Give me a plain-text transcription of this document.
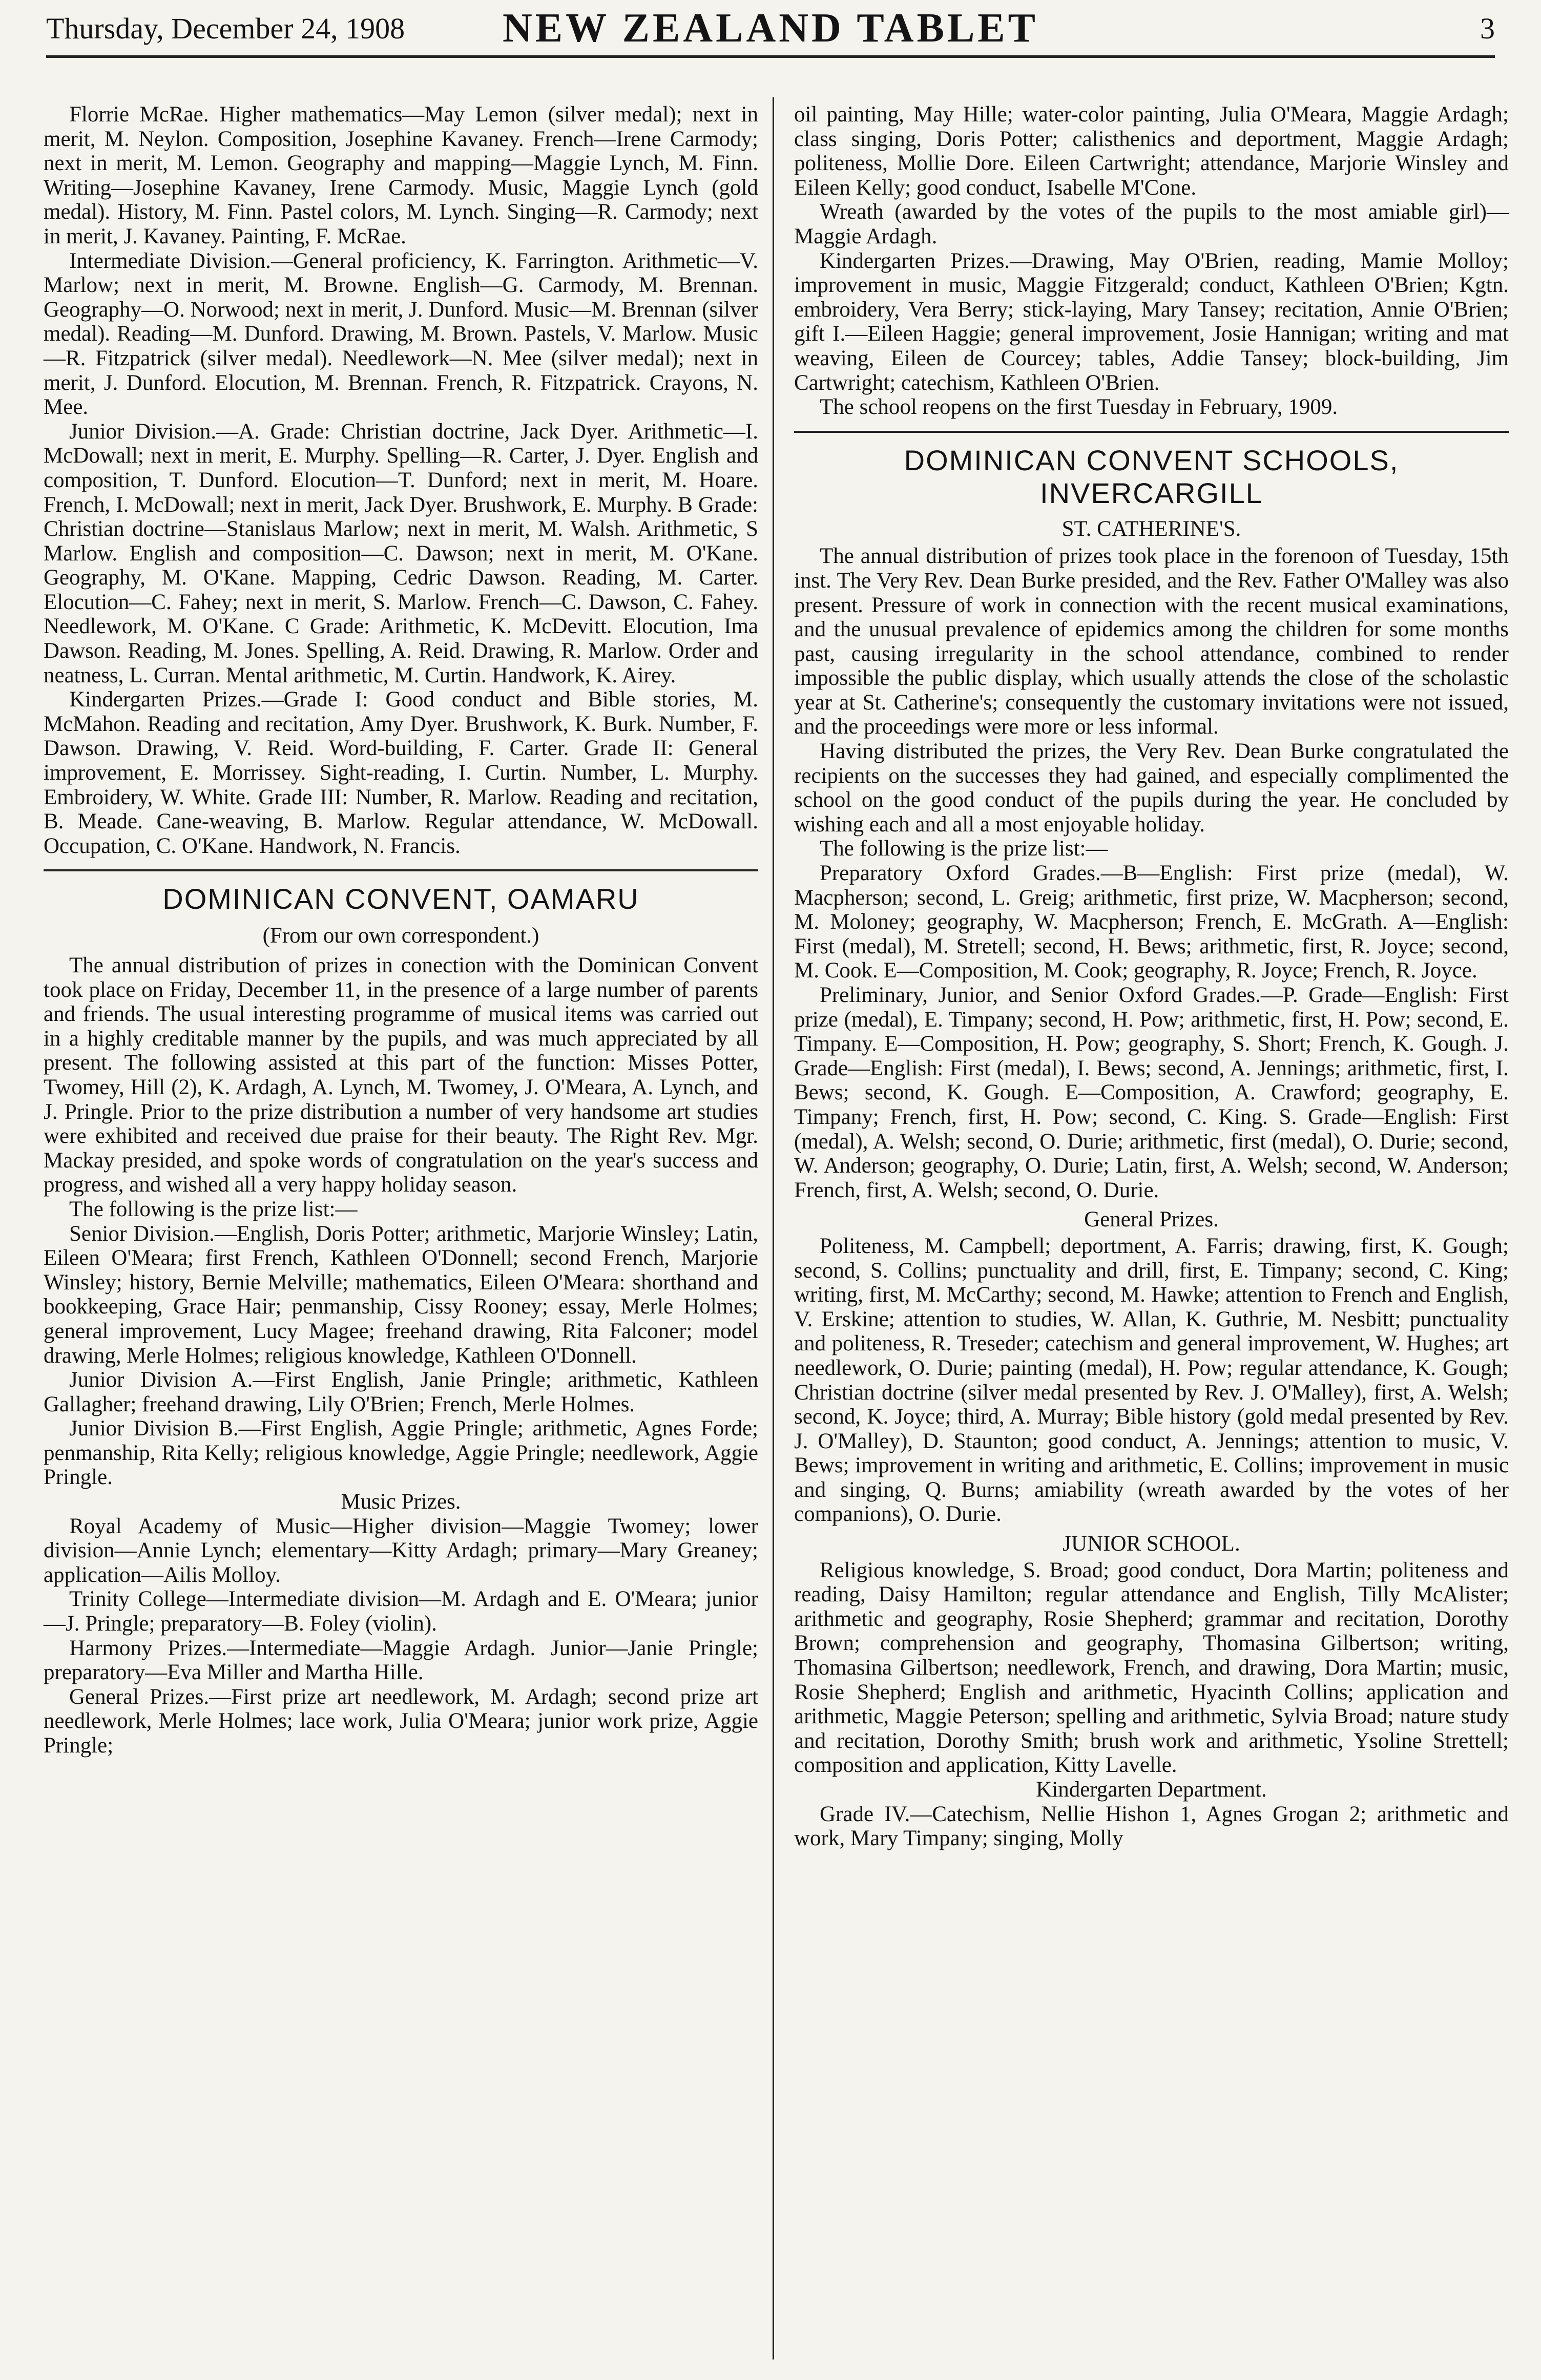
Thursday, December 24, 1908	NEW ZEALAND TABLET	3

Florrie McRae. Higher mathematics—May Lemon (silver medal); next in merit, M. Neylon. Composition, Josephine Kavaney. French—Irene Carmody; next in merit, M. Lemon. Geography and mapping—Maggie Lynch, M. Finn. Writing—Josephine Kavaney, Irene Carmody. Music, Maggie Lynch (gold medal). History, M. Finn. Pastel colors, M. Lynch. Singing—R. Carmody; next in merit, J. Kavaney. Painting, F. McRae.

Intermediate Division.—General proficiency, K. Farrington. Arithmetic—V. Marlow; next in merit, M. Browne. English—G. Carmody, M. Brennan. Geography—O. Norwood; next in merit, J. Dunford. Music—M. Brennan (silver medal). Reading—M. Dunford. Drawing, M. Brown. Pastels, V. Marlow. Music—R. Fitzpatrick (silver medal). Needlework—N. Mee (silver medal); next in merit, J. Dunford. Elocution, M. Brennan. French, R. Fitzpatrick. Crayons, N. Mee.

Junior Division.—A. Grade: Christian doctrine, Jack Dyer. Arithmetic—I. McDowall; next in merit, E. Murphy. Spelling—R. Carter, J. Dyer. English and composition, T. Dunford. Elocution—T. Dunford; next in merit, M. Hoare. French, I. McDowall; next in merit, Jack Dyer. Brushwork, E. Murphy. B Grade: Christian doctrine—Stanislaus Marlow; next in merit, M. Walsh. Arithmetic, S Marlow. English and composition—C. Dawson; next in merit, M. O'Kane. Geography, M. O'Kane. Mapping, Cedric Dawson. Reading, M. Carter. Elocution—C. Fahey; next in merit, S. Marlow. French—C. Dawson, C. Fahey. Needlework, M. O'Kane. C Grade: Arithmetic, K. McDevitt. Elocution, Ima Dawson. Reading, M. Jones. Spelling, A. Reid. Drawing, R. Marlow. Order and neatness, L. Curran. Mental arithmetic, M. Curtin. Handwork, K. Airey.

Kindergarten Prizes.—Grade I: Good conduct and Bible stories, M. McMahon. Reading and recitation, Amy Dyer. Brushwork, K. Burk. Number, F. Dawson. Drawing, V. Reid. Word-building, F. Carter. Grade II: General improvement, E. Morrissey. Sight-reading, I. Curtin. Number, L. Murphy. Embroidery, W. White. Grade III: Number, R. Marlow. Reading and recitation, B. Meade. Cane-weaving, B. Marlow. Regular attendance, W. McDowall. Occupation, C. O'Kane. Handwork, N. Francis.

DOMINICAN CONVENT, OAMARU

(From our own correspondent.)

The annual distribution of prizes in conection with the Dominican Convent took place on Friday, December 11, in the presence of a large number of parents and friends. The usual interesting programme of musical items was carried out in a highly creditable manner by the pupils, and was much appreciated by all present. The following assisted at this part of the function: Misses Potter, Twomey, Hill (2), K. Ardagh, A. Lynch, M. Twomey, J. O'Meara, A. Lynch, and J. Pringle. Prior to the prize distribution a number of very handsome art studies were exhibited and received due praise for their beauty. The Right Rev. Mgr. Mackay presided, and spoke words of congratulation on the year's success and progress, and wished all a very happy holiday season.

The following is the prize list:—

Senior Division.—English, Doris Potter; arithmetic, Marjorie Winsley; Latin, Eileen O'Meara; first French, Kathleen O'Donnell; second French, Marjorie Winsley; history, Bernie Melville; mathematics, Eileen O'Meara: shorthand and bookkeeping, Grace Hair; penmanship, Cissy Rooney; essay, Merle Holmes; general improvement, Lucy Magee; freehand drawing, Rita Falconer; model drawing, Merle Holmes; religious knowledge, Kathleen O'Donnell.

Junior Division A.—First English, Janie Pringle; arithmetic, Kathleen Gallagher; freehand drawing, Lily O'Brien; French, Merle Holmes.

Junior Division B.—First English, Aggie Pringle; arithmetic, Agnes Forde; penmanship, Rita Kelly; religious knowledge, Aggie Pringle; needlework, Aggie Pringle.

Music Prizes.

Royal Academy of Music—Higher division—Maggie Twomey; lower division—Annie Lynch; elementary—Kitty Ardagh; primary—Mary Greaney; application—Ailis Molloy.

Trinity College—Intermediate division—M. Ardagh and E. O'Meara; junior—J. Pringle; preparatory—B. Foley (violin).

Harmony Prizes.—Intermediate—Maggie Ardagh. Junior—Janie Pringle; preparatory—Eva Miller and Martha Hille.

General Prizes.—First prize art needlework, M. Ardagh; second prize art needlework, Merle Holmes; lace work, Julia O'Meara; junior work prize, Aggie Pringle;

oil painting, May Hille; water-color painting, Julia O'Meara, Maggie Ardagh; class singing, Doris Potter; calisthenics and deportment, Maggie Ardagh; politeness, Mollie Dore. Eileen Cartwright; attendance, Marjorie Winsley and Eileen Kelly; good conduct, Isabelle M'Cone.

Wreath (awarded by the votes of the pupils to the most amiable girl)—Maggie Ardagh.

Kindergarten Prizes.—Drawing, May O'Brien, reading, Mamie Molloy; improvement in music, Maggie Fitzgerald; conduct, Kathleen O'Brien; Kgtn. embroidery, Vera Berry; stick-laying, Mary Tansey; recitation, Annie O'Brien; gift I.—Eileen Haggie; general improvement, Josie Hannigan; writing and mat weaving, Eileen de Courcey; tables, Addie Tansey; block-building, Jim Cartwright; catechism, Kathleen O'Brien.

The school reopens on the first Tuesday in February, 1909.

DOMINICAN CONVENT SCHOOLS, INVERCARGILL

ST. CATHERINE'S.

The annual distribution of prizes took place in the forenoon of Tuesday, 15th inst. The Very Rev. Dean Burke presided, and the Rev. Father O'Malley was also present. Pressure of work in connection with the recent musical examinations, and the unusual prevalence of epidemics among the children for some months past, causing irregularity in the school attendance, combined to render impossible the public display, which usually attends the close of the scholastic year at St. Catherine's; consequently the customary invitations were not issued, and the proceedings were more or less informal.

Having distributed the prizes, the Very Rev. Dean Burke congratulated the recipients on the successes they had gained, and especially complimented the school on the good conduct of the pupils during the year. He concluded by wishing each and all a most enjoyable holiday.

The following is the prize list:—

Preparatory Oxford Grades.—B—English: First prize (medal), W. Macpherson; second, L. Greig; arithmetic, first prize, W. Macpherson; second, M. Moloney; geography, W. Macpherson; French, E. McGrath. A—English: First (medal), M. Stretell; second, H. Bews; arithmetic, first, R. Joyce; second, M. Cook. E—Composition, M. Cook; geography, R. Joyce; French, R. Joyce.

Preliminary, Junior, and Senior Oxford Grades.—P. Grade—English: First prize (medal), E. Timpany; second, H. Pow; arithmetic, first, H. Pow; second, E. Timpany. E—Composition, H. Pow; geography, S. Short; French, K. Gough. J. Grade—English: First (medal), I. Bews; second, A. Jennings; arithmetic, first, I. Bews; second, K. Gough. E—Composition, A. Crawford; geography, E. Timpany; French, first, H. Pow; second, C. King. S. Grade—English: First (medal), A. Welsh; second, O. Durie; arithmetic, first (medal), O. Durie; second, W. Anderson; geography, O. Durie; Latin, first, A. Welsh; second, W. Anderson; French, first, A. Welsh; second, O. Durie.

General Prizes.

Politeness, M. Campbell; deportment, A. Farris; drawing, first, K. Gough; second, S. Collins; punctuality and drill, first, E. Timpany; second, C. King; writing, first, M. McCarthy; second, M. Hawke; attention to French and English, V. Erskine; attention to studies, W. Allan, K. Guthrie, M. Nesbitt; punctuality and politeness, R. Treseder; catechism and general improvement, W. Hughes; art needlework, O. Durie; painting (medal), H. Pow; regular attendance, K. Gough; Christian doctrine (silver medal presented by Rev. J. O'Malley), first, A. Welsh; second, K. Joyce; third, A. Murray; Bible history (gold medal presented by Rev. J. O'Malley), D. Staunton; good conduct, A. Jennings; attention to music, V. Bews; improvement in writing and arithmetic, E. Collins; improvement in music and singing, Q. Burns; amiability (wreath awarded by the votes of her companions), O. Durie.

JUNIOR SCHOOL.

Religious knowledge, S. Broad; good conduct, Dora Martin; politeness and reading, Daisy Hamilton; regular attendance and English, Tilly McAlister; arithmetic and geography, Rosie Shepherd; grammar and recitation, Dorothy Brown; comprehension and geography, Thomasina Gilbertson; writing, Thomasina Gilbertson; needlework, French, and drawing, Dora Martin; music, Rosie Shepherd; English and arithmetic, Hyacinth Collins; application and arithmetic, Maggie Peterson; spelling and arithmetic, Sylvia Broad; nature study and recitation, Dorothy Smith; brush work and arithmetic, Ysoline Strettell; composition and application, Kitty Lavelle.

Kindergarten Department.

Grade IV.—Catechism, Nellie Hishon 1, Agnes Grogan 2; arithmetic and work, Mary Timpany; singing, Molly
